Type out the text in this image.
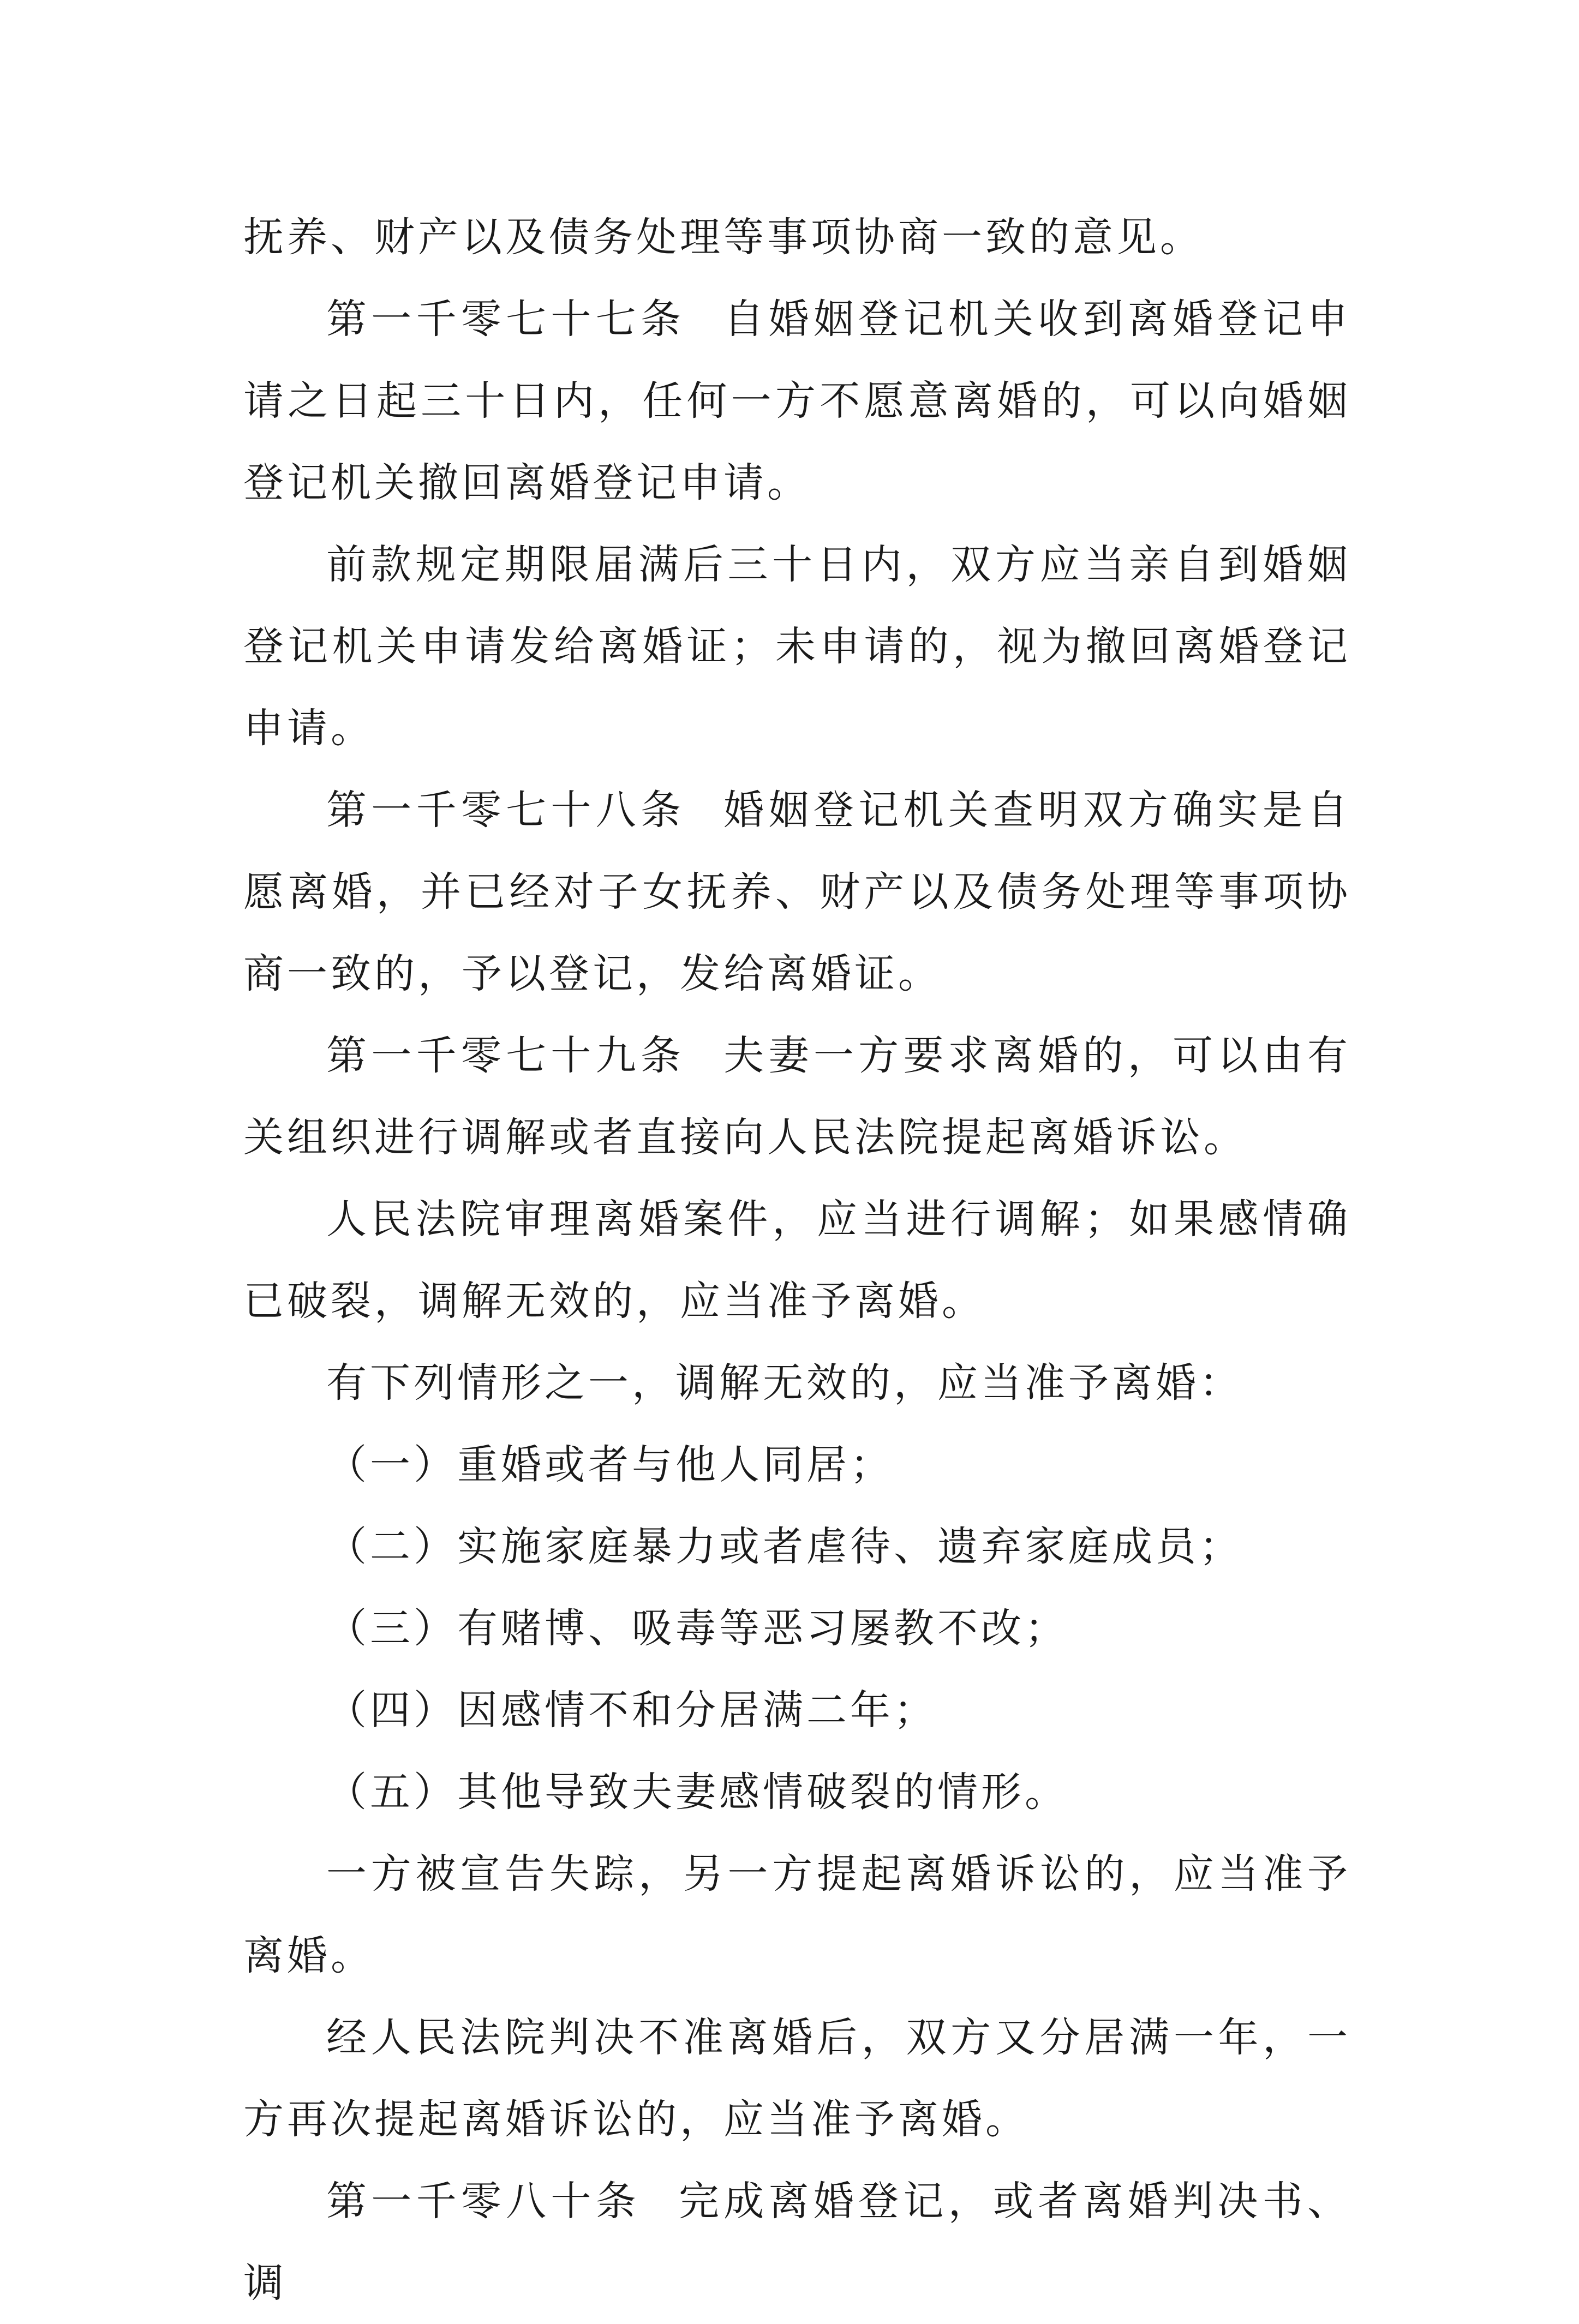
抚养、财产以及债务处理等事项协商一致的意见。

第一千零七十七条 自婚姻登记机关收到离婚登记申请之日起三十日内，任何一方不愿意离婚的，可以向婚姻登记机关撤回离婚登记申请。

前款规定期限届满后三十日内，双方应当亲自到婚姻登记机关申请发给离婚证；未申请的，视为撤回离婚登记申请。

第一千零七十八条 婚姻登记机关查明双方确实是自愿离婚，并已经对子女抚养、财产以及债务处理等事项协商一致的，予以登记，发给离婚证。

第一千零七十九条 夫妻一方要求离婚的，可以由有关组织进行调解或者直接向人民法院提起离婚诉讼。

人民法院审理离婚案件，应当进行调解；如果感情确已破裂，调解无效的，应当准予离婚。

有下列情形之一，调解无效的，应当准予离婚：

（一）重婚或者与他人同居；

（二）实施家庭暴力或者虐待、遗弃家庭成员；

（三）有赌博、吸毒等恶习屡教不改；

（四）因感情不和分居满二年；

（五）其他导致夫妻感情破裂的情形。

一方被宣告失踪，另一方提起离婚诉讼的，应当准予离婚。

经人民法院判决不准离婚后，双方又分居满一年，一方再次提起离婚诉讼的，应当准予离婚。

第一千零八十条 完成离婚登记，或者离婚判决书、调
